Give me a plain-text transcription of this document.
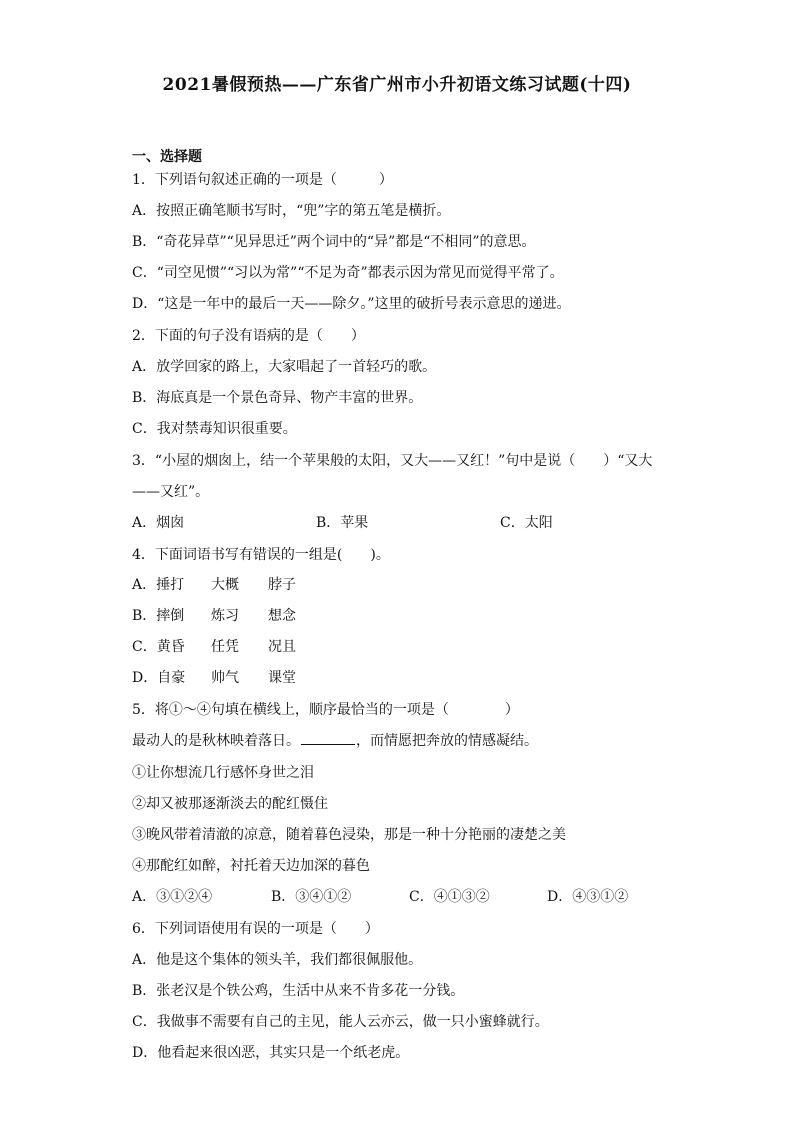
2021暑假预热——广东省广州市小升初语文练习试题(十四)
一、选择题
1．下列语句叙述正确的一项是（　　　）
A．按照正确笔顺书写时，“兜”字的第五笔是横折。
B．“奇花异草”“见异思迁”两个词中的“异”都是“不相同”的意思。
C．“司空见惯”“习以为常”“不足为奇”都表示因为常见而觉得平常了。
D．“这是一年中的最后一天——除夕。”这里的破折号表示意思的递进。
2．下面的句子没有语病的是（　　）
A．放学回家的路上，大家唱起了一首轻巧的歌。
B．海底真是一个景色奇异、物产丰富的世界。
C．我对禁毒知识很重要。
3．“小屋的烟囱上，结一个苹果般的太阳，又大——又红！”句中是说（　　）“又大
——又红”。
A．烟囱	B．苹果	C．太阳
4．下面词语书写有错误的一组是(　　)。
A．捶打 大概 脖子
B．摔倒 炼习 想念
C．黄昏 任凭 况且
D．自豪 帅气 课堂
5．将①～④句填在横线上，顺序最恰当的一项是（　　　　）
最动人的是秋林映着落日。	，而情愿把奔放的情感凝结。
①让你想流几行感怀身世之泪
②却又被那逐渐淡去的酡红慑住
③晚风带着清澈的凉意，随着暮色浸染，那是一种十分艳丽的凄楚之美
④那酡红如醉，衬托着天边加深的暮色
A．③①②④	B．③④①②	C．④①③②	D．④③①②
6．下列词语使用有误的一项是（　　）
A．他是这个集体的领头羊，我们都很佩服他。
B．张老汉是个铁公鸡，生活中从来不肯多花一分钱。
C．我做事不需要有自己的主见，能人云亦云，做一只小蜜蜂就行。
D．他看起来很凶恶，其实只是一个纸老虎。
